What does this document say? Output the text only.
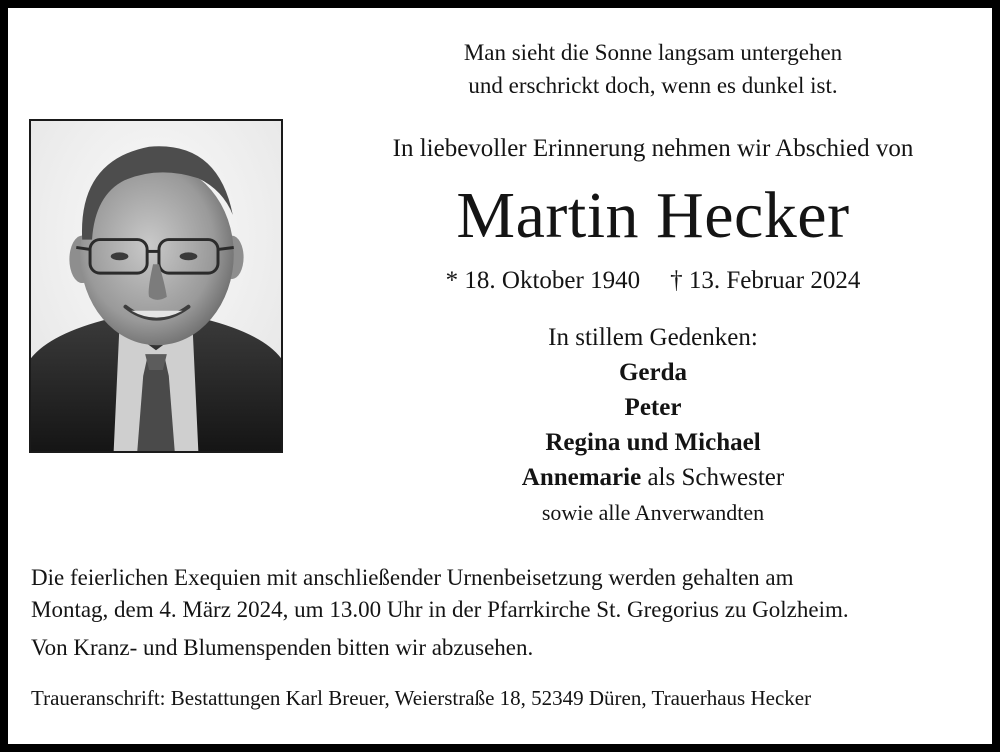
Man sieht die Sonne langsam untergehen
und erschrickt doch, wenn es dunkel ist.
In liebevoller Erinnerung nehmen wir Abschied von
Martin Hecker
* 18. Oktober 1940 † 13. Februar 2024
In stillem Gedenken:
Gerda
Peter
Regina und Michael
Annemarie als Schwester
sowie alle Anverwandten
Die feierlichen Exequien mit anschließender Urnenbeisetzung werden gehalten am
Montag, dem 4. März 2024, um 13.00 Uhr in der Pfarrkirche St. Gregorius zu Golzheim.
Von Kranz- und Blumenspenden bitten wir abzusehen.
Traueranschrift: Bestattungen Karl Breuer, Weierstraße 18, 52349 Düren, Trauerhaus Hecker
